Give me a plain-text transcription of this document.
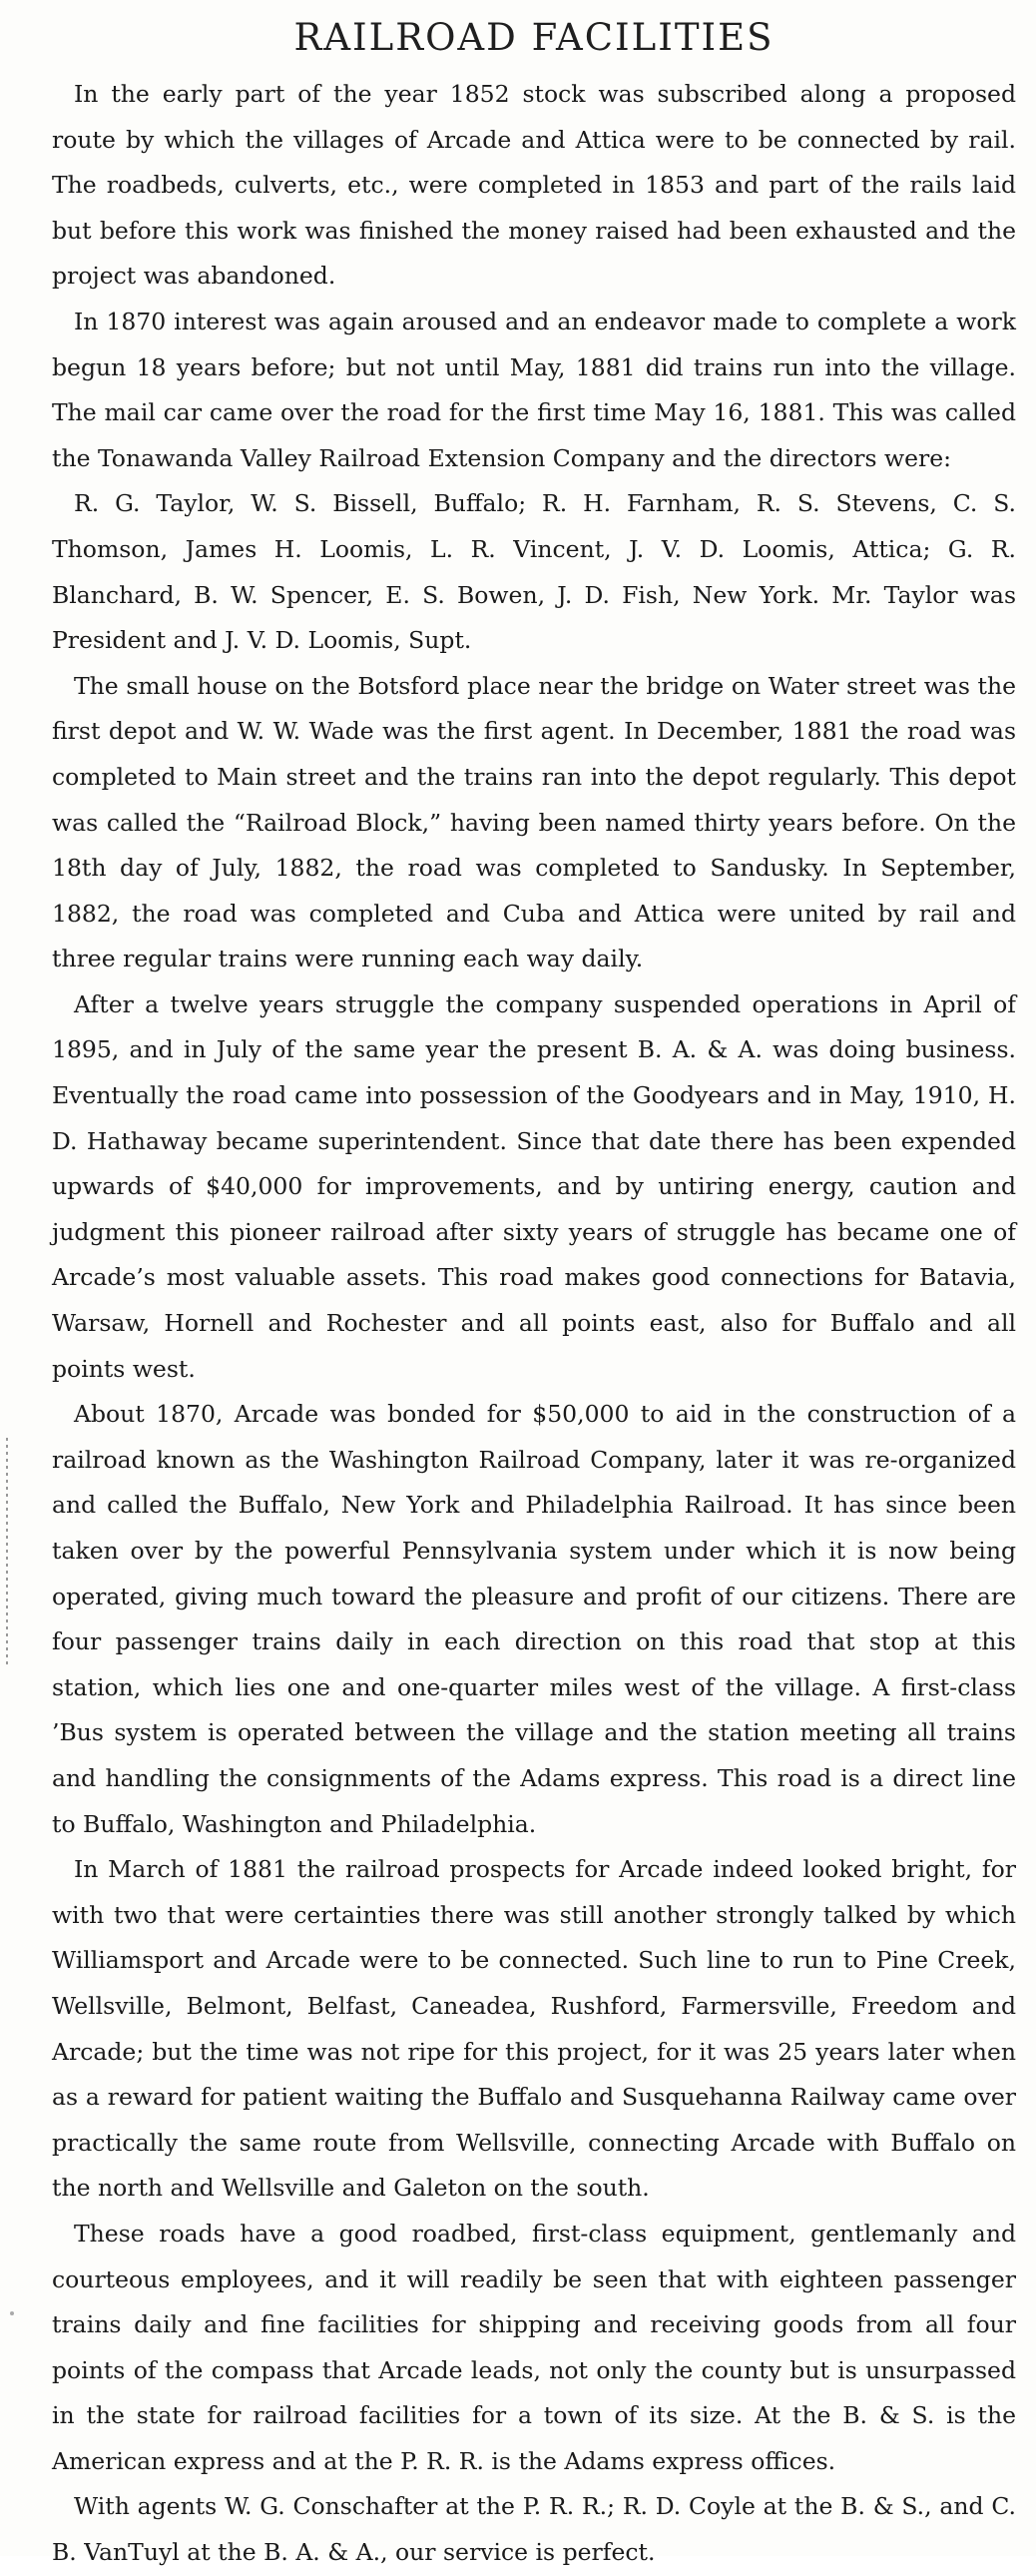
RAILROAD FACILITIES

In the early part of the year 1852 stock was subscribed along a proposed route by which the villages of Arcade and Attica were to be connected by rail. The roadbeds, culverts, etc., were completed in 1853 and part of the rails laid but before this work was finished the money raised had been exhausted and the project was abandoned.

In 1870 interest was again aroused and an endeavor made to complete a work begun 18 years before; but not until May, 1881 did trains run into the village. The mail car came over the road for the first time May 16, 1881. This was called the Tonawanda Valley Railroad Extension Company and the directors were:

R. G. Taylor, W. S. Bissell, Buffalo; R. H. Farnham, R. S. Stevens, C. S. Thomson, James H. Loomis, L. R. Vincent, J. V. D. Loomis, Attica; G. R. Blanchard, B. W. Spencer, E. S. Bowen, J. D. Fish, New York. Mr. Taylor was President and J. V. D. Loomis, Supt.

The small house on the Botsford place near the bridge on Water street was the first depot and W. W. Wade was the first agent. In December, 1881 the road was completed to Main street and the trains ran into the depot regularly. This depot was called the “Railroad Block,” having been named thirty years before. On the 18th day of July, 1882, the road was completed to Sandusky. In September, 1882, the road was completed and Cuba and Attica were united by rail and three regular trains were running each way daily.

After a twelve years struggle the company suspended operations in April of 1895, and in July of the same year the present B. A. & A. was doing business. Eventually the road came into possession of the Goodyears and in May, 1910, H. D. Hathaway became superintendent. Since that date there has been expended upwards of $40,000 for improvements, and by untiring energy, caution and judgment this pioneer railroad after sixty years of struggle has became one of Arcade’s most valuable assets. This road makes good connections for Batavia, Warsaw, Hornell and Rochester and all points east, also for Buffalo and all points west.

About 1870, Arcade was bonded for $50,000 to aid in the construction of a railroad known as the Washington Railroad Company, later it was re-organized and called the Buffalo, New York and Philadelphia Railroad. It has since been taken over by the powerful Pennsylvania system under which it is now being operated, giving much toward the pleasure and profit of our citizens. There are four passenger trains daily in each direction on this road that stop at this station, which lies one and one-quarter miles west of the village. A first-class ’Bus system is operated between the village and the station meeting all trains and handling the consignments of the Adams express. This road is a direct line to Buffalo, Washington and Philadelphia.

In March of 1881 the railroad prospects for Arcade indeed looked bright, for with two that were certainties there was still another strongly talked by which Williamsport and Arcade were to be connected. Such line to run to Pine Creek, Wellsville, Belmont, Belfast, Caneadea, Rushford, Farmersville, Freedom and Arcade; but the time was not ripe for this project, for it was 25 years later when as a reward for patient waiting the Buffalo and Susquehanna Railway came over practically the same route from Wellsville, connecting Arcade with Buffalo on the north and Wellsville and Galeton on the south.

These roads have a good roadbed, first-class equipment, gentlemanly and courteous employees, and it will readily be seen that with eighteen passenger trains daily and fine facilities for shipping and receiving goods from all four points of the compass that Arcade leads, not only the county but is unsurpassed in the state for railroad facilities for a town of its size. At the B. & S. is the American express and at the P. R. R. is the Adams express offices.

With agents W. G. Conschafter at the P. R. R.; R. D. Coyle at the B. & S., and C. B. VanTuyl at the B. A. & A., our service is perfect.
